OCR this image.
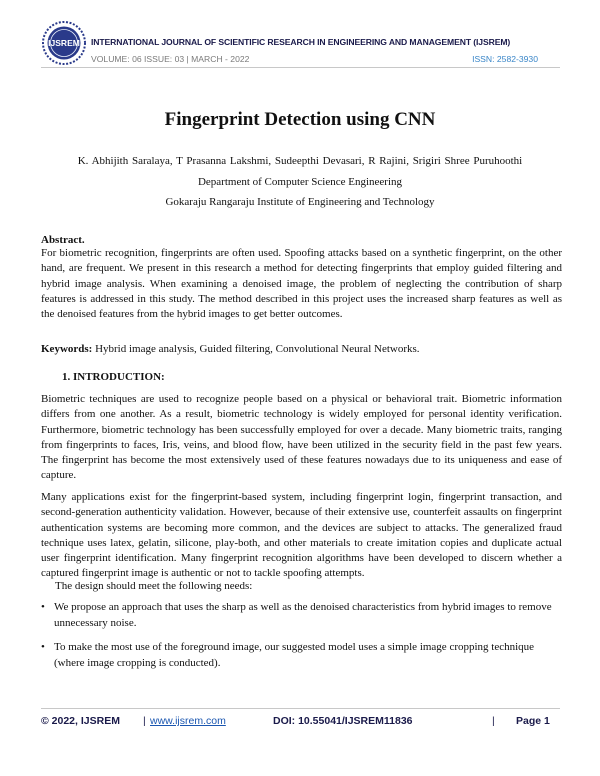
IJSREM INTERNATIONAL JOURNAL OF SCIENTIFIC RESEARCH IN ENGINEERING AND MANAGEMENT (IJSREM)
VOLUME: 06 ISSUE: 03 | MARCH - 2022	ISSN: 2582-3930
Fingerprint Detection using CNN
K. Abhijith Saralaya, T Prasanna Lakshmi, Sudeepthi Devasari, R Rajini, Srigiri Shree Puruhoothi
Department of Computer Science Engineering
Gokaraju Rangaraju Institute of Engineering and Technology
Abstract.
For biometric recognition, fingerprints are often used. Spoofing attacks based on a synthetic fingerprint, on the other hand, are frequent. We present in this research a method for detecting fingerprints that employ guided filtering and hybrid image analysis. When examining a denoised image, the problem of neglecting the contribution of sharp features is addressed in this study. The method described in this project uses the increased sharp features as well as the denoised features from the hybrid images to get better outcomes.
Keywords: Hybrid image analysis, Guided filtering, Convolutional Neural Networks.
1. INTRODUCTION:
Biometric techniques are used to recognize people based on a physical or behavioral trait. Biometric information differs from one another. As a result, biometric technology is widely employed for personal identity verification. Furthermore, biometric technology has been successfully employed for over a decade. Many biometric traits, ranging from fingerprints to faces, Iris, veins, and blood flow, have been utilized in the security field in the past few years. The fingerprint has become the most extensively used of these features nowadays due to its uniqueness and ease of capture.
Many applications exist for the fingerprint-based system, including fingerprint login, fingerprint transaction, and second-generation authenticity validation. However, because of their extensive use, counterfeit assaults on fingerprint authentication systems are becoming more common, and the devices are subject to attacks. The generalized fraud technique uses latex, gelatin, silicone, play-both, and other materials to create imitation copies and duplicate actual user fingerprint identification. Many fingerprint recognition algorithms have been developed to discern whether a captured fingerprint image is authentic or not to tackle spoofing attempts.
The design should meet the following needs:
• We propose an approach that uses the sharp as well as the denoised characteristics from hybrid images to remove unnecessary noise.
• To make the most use of the foreground image, our suggested model uses a simple image cropping technique (where image cropping is conducted).
© 2022, IJSREM | www.ijsrem.com	DOI: 10.55041/IJSREM11836	| Page 1
